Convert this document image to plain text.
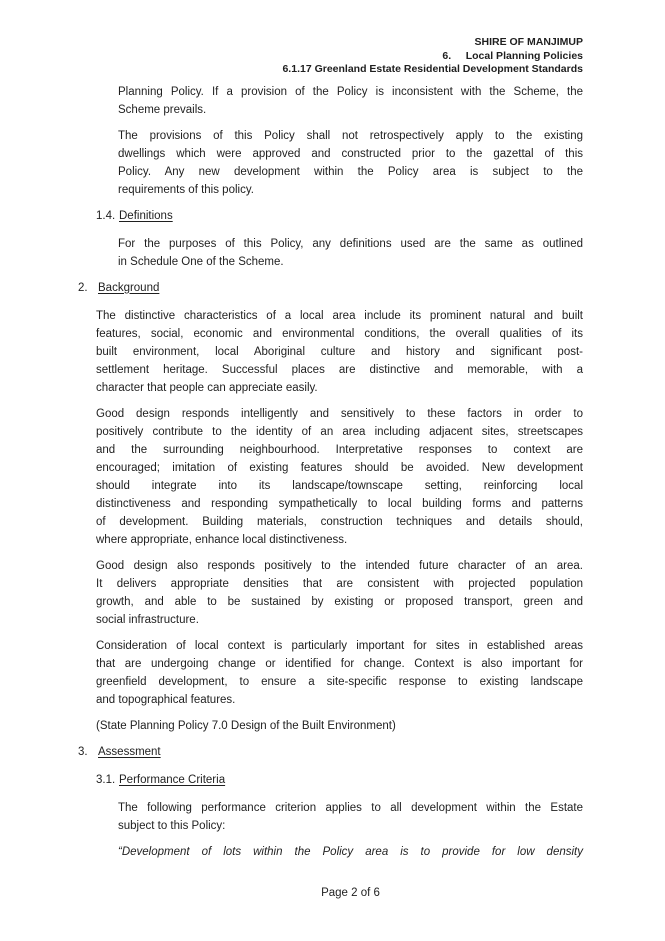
SHIRE OF MANJIMUP
6.     Local Planning Policies
6.1.17 Greenland Estate Residential Development Standards
Planning Policy. If a provision of the Policy is inconsistent with the Scheme, the
Scheme prevails.
The provisions of this Policy shall not retrospectively apply to the existing
dwellings which were approved and constructed prior to the gazettal of this
Policy. Any new development within the Policy area is subject to the
requirements of this policy.
1.4. Definitions
For the purposes of this Policy, any definitions used are the same as outlined
in Schedule One of the Scheme.
2. Background
The distinctive characteristics of a local area include its prominent natural and built
features, social, economic and environmental conditions, the overall qualities of its
built environment, local Aboriginal culture and history and significant post-
settlement heritage. Successful places are distinctive and memorable, with a
character that people can appreciate easily.
Good design responds intelligently and sensitively to these factors in order to
positively contribute to the identity of an area including adjacent sites, streetscapes
and the surrounding neighbourhood. Interpretative responses to context are
encouraged; imitation of existing features should be avoided. New development
should integrate into its landscape/townscape setting, reinforcing local
distinctiveness and responding sympathetically to local building forms and patterns
of development. Building materials, construction techniques and details should,
where appropriate, enhance local distinctiveness.
Good design also responds positively to the intended future character of an area.
It delivers appropriate densities that are consistent with projected population
growth, and able to be sustained by existing or proposed transport, green and
social infrastructure.
Consideration of local context is particularly important for sites in established areas
that are undergoing change or identified for change. Context is also important for
greenfield development, to ensure a site-specific response to existing landscape
and topographical features.
(State Planning Policy 7.0 Design of the Built Environment)
3. Assessment
3.1. Performance Criteria
The following performance criterion applies to all development within the Estate
subject to this Policy:
“Development of lots within the Policy area is to provide for low density
Page 2 of 6
